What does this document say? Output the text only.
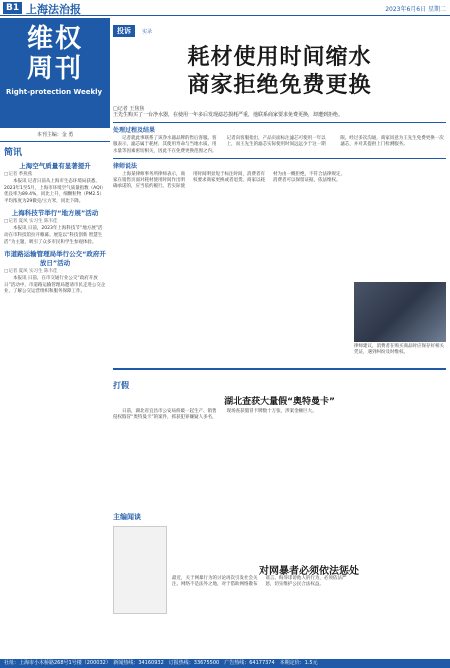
B1 上海法治报	2023年6月6日 星期二
维权
周刊
Right-protection Weekly
本刊主编：金 勇
简讯
上海空气质量有显著提升
□记者 季燕燕

本报讯 记者日前从上海市生态环境局获悉，2023年1至5月，上海市环境空气质量指数（AQI）优良率为89.4%，同比上升，细颗粒物（PM2.5）平均浓度为29微克/立方米，同比下降。

上海科技节举行“地方展”活动
□记者 夏风 实习生 陈韦佳

本报讯 日前，2023年上海科技节“地方展”活动在市科技馆拉开帷幕。展览以“科技创新 智慧生活”为主题，吸引了众多市民和学生参观体验。

市道路运输管理局举行公交“政府开放日”活动
□记者 夏风 实习生 陈韦佳

本报讯 日前，在市交通行业公交“政府开放日”活动中，市道路运输管理局邀请市民走进公交企业，了解公交运营组织和服务保障工作。

投诉 实录
耗材使用时间缩水
商家拒绝免费更换
□记者 王焦焦
王先生购买了一台净水器，在使用一年多后发现滤芯损耗严重，他联系商家要求免费更换，却遭到拒绝。
处理过程及结果

记者就此事联系了该净水器品牌的售后客服。客服表示，滤芯属于耗材，其使用寿命与当地水质、用水量等因素密切相关，因此不在免费更换范围之内。记者向客服指出，产品页面标注滤芯可使用一年以上，而王先生的滤芯实际使用时间远远少于这一期限。经过多次沟通，商家同意为王先生免费更换一次滤芯，并对其提供上门检测服务。

律师说法

上海某律师事务所律师表示，商家在销售页面对耗材使用时间作出明确承诺的，应当依约履行。若实际使用时间明显短于标注时间，消费者有权要求商家更换或者退货。商家以耗材为由一概拒绝，不符合法律规定，消费者可以保留证据，依法维权。

律师建议，消费者在购买商品时应保存好相关凭证，遇到纠纷及时维权。
打假
湖北查获大量假“奥特曼卡”

日前，湖北省宜昌市公安局侦破一起生产、销售侵权假冒“奥特曼卡”的案件，抓获犯罪嫌疑人多名，现场查获假冒卡牌数十万张，涉案金额巨大。

主编闻谈
对网暴者必须依法惩处
最近，关于网暴行为的讨论再次引发社会关注。网络不是法外之地，对于借助网络散布谣言、侮辱诽谤他人的行为，必须依法严惩，切实维护公民合法权益。
社址：上海市小木桥路268号1号楼（200032）　新闻热线：34160932　订报热线：33675500　广告热线：64177374　本期定价：1.5元
